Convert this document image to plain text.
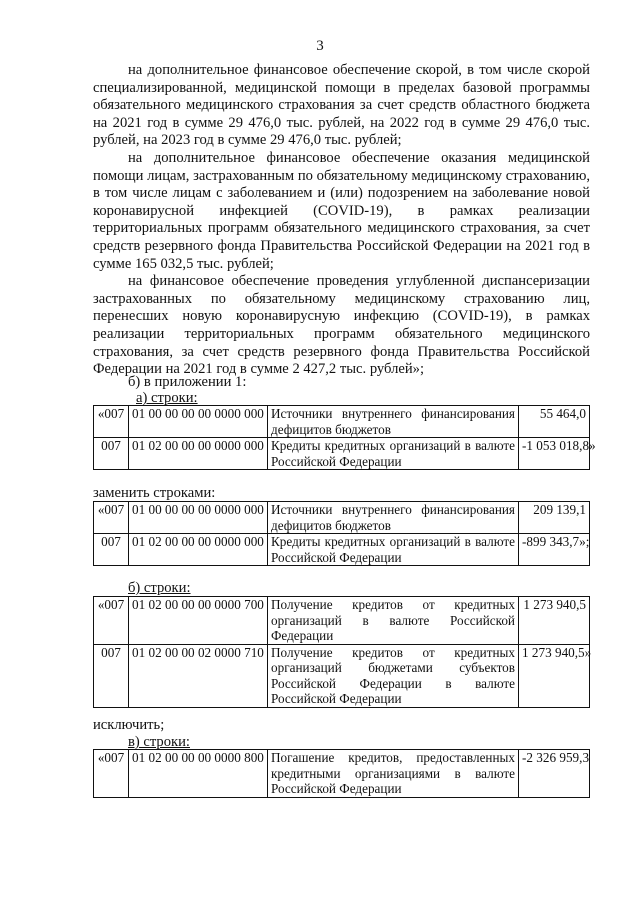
3

на дополнительное финансовое обеспечение скорой, в том числе скорой специализированной, медицинской помощи в пределах базовой программы обязательного медицинского страхования за счет средств областного бюджета на 2021 год в сумме 29 476,0 тыс. рублей, на 2022 год в сумме 29 476,0 тыс. рублей, на 2023 год в сумме 29 476,0 тыс. рублей;

на дополнительное финансовое обеспечение оказания медицинской помощи лицам, застрахованным по обязательному медицинскому страхованию, в том числе лицам с заболеванием и (или) подозрением на заболевание новой коронавирусной инфекцией (COVID-19), в рамках реализации территориальных программ обязательного медицинского страхования, за счет средств резервного фонда Правительства Российской Федерации на 2021 год в сумме 165 032,5 тыс. рублей;

на финансовое обеспечение проведения углубленной диспансеризации застрахованных по обязательному медицинскому страхованию лиц, перенесших новую коронавирусную инфекцию (COVID-19), в рамках реализации территориальных программ обязательного медицинского страхования, за счет средств резервного фонда Правительства Российской Федерации на 2021 год в сумме 2 427,2 тыс. рублей»;

б) в приложении 1:

а) строки:

«007	01 00 00 00 00 0000 000	Источники внутреннего финансирования дефицитов бюджетов	55 464,0
007	01 02 00 00 00 0000 000	Кредиты кредитных организаций в валюте Российской Федерации	-1 053 018,8»

заменить строками:

«007	01 00 00 00 00 0000 000	Источники внутреннего финансирования дефицитов бюджетов	209 139,1
007	01 02 00 00 00 0000 000	Кредиты кредитных организаций в валюте Российской Федерации	-899 343,7»;

б) строки:

«007	01 02 00 00 00 0000 700	Получение кредитов от кредитных организаций в валюте Российской Федерации	1 273 940,5
007	01 02 00 00 02 0000 710	Получение кредитов от кредитных организаций бюджетами субъектов Российской Федерации в валюте Российской Федерации	1 273 940,5»

исключить;

в) строки:

«007	01 02 00 00 00 0000 800	Погашение кредитов, предоставленных кредитными организациями в валюте Российской Федерации	-2 326 959,3
